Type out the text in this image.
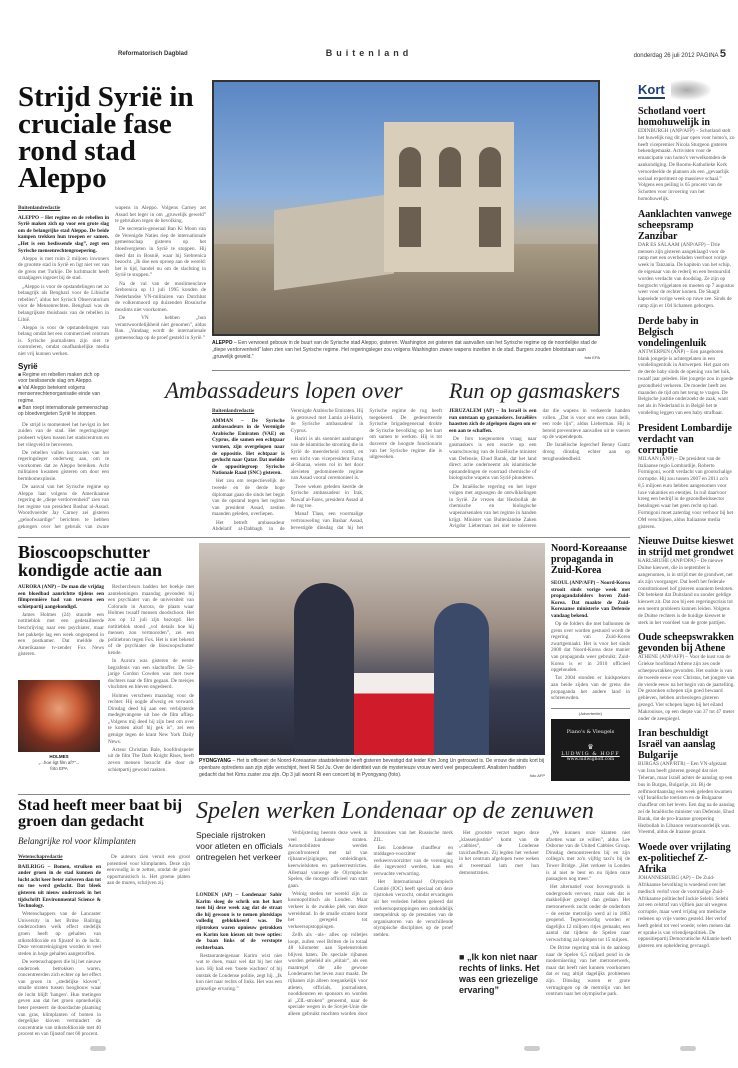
Reformatorisch Dagblad	Buitenland	donderdag 26 juli 2012 PAGINA 5
Strijd Syrië in cruciale fase rond stad Aleppo

Buitenlandredactie

ALEPPO – Het regime en de rebellen in Syrië maken zich op voor een grote slag om de belangrijke stad Aleppo. De beide kampen trekken hun troepen er samen. „Het is een beslissende slag”, zegt een Syrische mensenrechtengroepering.

Aleppo is met ruim 2 miljoen inwoners de grootste stad in Syrië en ligt niet ver van de grens met Turkije. De luchtmacht heeft straaljagers ingezet bij de stad.

„Aleppo is voor de opstandelingen net zo belangrijk als Benghazi voor de Libische rebellen”, aldus het Syrisch Observatorium voor de Mensenrechten. Benghazi was de belangrijkste thuisbasis van de rebellen in Libië.

Aleppo is voor de opstandelingen van belang omdat het een commercieel centrum is. Syrische journalisten zijn niet te controleren, omdat onafhankelijke media niet vrij kunnen werken.

Syrië
■ Regime en rebellen maken zich op voor beslissende slag om Aleppo.
■ Val Aleppo betekent volgens mensenrechtenorganisatie einde van regime.
■ Ban roept internationale gemeenschap op bloedvergieten Syrië te stoppen.

De strijd is momenteel het hevigst in het zuiden van de stad. Het regeringsleger probeert wijken tussen het stadscentrum en het vliegveld te heroveren.

De rebellen vallen konvooien van het regeringsleger onderweg aan, om te voorkomen dat ze Aleppo bereiken. Acht militairen kwamen gisteren om door een bermbomexplosie.

De aanval van het Syrische regime op Aleppo laat volgens de Amerikaanse regering de „diepe verdorvenheid” zien van het regime van president Bashar al-Assad. Woordvoerder Jay Carney zei gisteren „geloofwaardige” berichten te hebben gekregen over het gebruik van zware wapens in Aleppo. Volgens Carney zet Assad het leger in om „gruwelijk geweld” te gebruiken tegen de bevolking.

De secretaris-generaal Ban Ki Moon van de Verenigde Naties riep de internationale gemeenschap gisteren op het bloedvergieten in Syrië te stoppen. Hij deed dat in Bosnië, waar hij Srebrenica bezocht. „Ik doe een oproep aan de wereld: het is tijd, handel nu om de slachting in Syrië te stoppen.”

Na de val van de moslimenclave Srebrenica op 11 juli 1995 konden de Nederlandse VN-militairen van Dutchbat de volkenmoord op duizenden Bosnische moslims niet voorkomen.

De VN hebben „hun verantwoordelijkheid niet genomen”, aldus Ban. „Vandaag wordt de internationale gemeenschap op de proef gesteld in Syrië.”

ALEPPO – Een verwoest gebouw in de buurt van de Syrische stad Aleppo, gisteren. Washington zei gisteren dat aanvallen van het Syrische regime op de noordelijke stad de „diepe verdorvenheid” laten zien van het Syrische regime. Het regeringsleger zou volgens Washington zware wapens inzetten in de stad. Burgers zouden blootstaan aan „gruwelijk geweld.”	foto EPA
Ambassadeurs lopen over

Buitenlandredactie

AMMAN – De Syrische ambassadeurs in de Verenigde Arabische Emiraten (VAE) en Cyprus, die samen een echtpaar vormen, zijn overgelopen naar de oppositie. Het echtpaar is gevlucht naar Qatar. Dat meldde de oppositiegroep Syrische Nationale Raad (SNC) gisteren.

Het zou om respectievelijk de tweede en de derde hoge diplomaat gaan die sinds het begin van de opstand tegen het regime van president Assad, zestien maanden geleden, overliepen.

Het betreft ambassadeur Abdelatif al-Dabbagh in de Verenigde Arabische Emiraten. Hij is getrouwd met Lamia al-Hariri, de Syrische ambassadeur in Cyprus.

Hariri is als soenniet aanhanger van de islamitische stroming die in Syrië de meerderheid vormt, en een nicht van vicepresident Faruq al-Sharaa, wiens rol in het door alevieten gedomineerde regime van Assad vooral ceremonieel is.

Twee weken geleden keerde de Syrische ambassadeur in Irak, Nawaf al-Fares, president Assad al de rug toe.

Manaf Tlass, een voormalige vertrouweling van Bashar Assad, bevestigde dinsdag dat hij het Syrische regime de rug heeft toegekeerd. De gedeserteerde Syrische brigadegeneraal drukte de Syrische bevolking op het hart om samen te werken. Hij is tot dusverre de hoogste functionaris van het Syrische regime die is uitgeweken.

Run op gasmaskers

JERUZALEM (AP) – In Israël is een run ontstaan op gasmaskers. Israëliërs haastten zich de afgelopen dagen om er een aan te schaffen.

De fors toegenomen vraag naar gasmaskers is een reactie op een waarschuwing van de Israëlische minister van Defensie, Ehud Barak, dat het land direct actie onderneemt als islamitische opstandelingen de voorraad chemische of biologische wapens van Syrië plunderen.

De Israëlische regering en het leger volgen met argusogen de ontwikkelingen in Syrië. Ze vrezen dat Hezbollah de chemische en biologische wapenarsenalen van het regime in handen krijgt. Minister van Buitenlandse Zaken Avigdor Lieberman zei niet te tolereren dat die wapens in verkeerde handen vallen. „Dat is voor ons een casus belli, een rode lijn”, aldus Lieberman. Hij is bereid preventieve aanvallen uit te voeren op de wapendepots.

De Israëlische legerchef Benny Gantz drong dinsdag echter aan op terughoudendheid.

Bioscoopschutter kondigde actie aan

AURORA (ANP) – De man die vrijdag een bloedbad aanrichtte tijdens een filmpremière had van tevoren een schietpartij aangekondigd.

James Holmes (24) stuurde een notitieblok met een gedetailleerde beschrijving naar een psychiater, maar het pakketje lag een week ongeopend in een postkamer. Dat meldde de Amerikaanse tv-zender Fox News gisteren.

HOLMES
„...hoe ligt film af?”...
foto EPA

Rechercheurs hadden het boekje met aantekeningen maandag gevonden bij een psychiater van de universiteit van Colorado in Aurora, de plaats waar Holmes twaalf mensen doodschoot. Het zou op 12 juli zijn bezorgd. Het notitieblok stond „vol details hoe hij mensen zou vermoorden”, zei een politiebron tegen Fox. Het is niet bekend of de psychiater de bioscoopschutter kende.

In Aurora was gisteren de eerste begrafenis van een slachtoffer. De 51-jarige Gordon Cowden was met twee dochters naar de film gegaan. De meisjes vluchtten en bleven ongedeerd.

Holmes verscheen maandag voor de rechter. Hij oogde afwezig en verward. Dinsdag deed hij aan een verbijsterde medegevangene uit hoe de film afliep. „Volgens mij deed hij zijn best om over te komen alsof hij gek is”, zei een getuige tegen de krant New York Daily News.

Acteur Christian Bale, hoofdrolspeler uit de film The Dark Knight Rises, heeft zeven mensen bezocht die door de schietpartij gewond raakten.

PYONGYANG – Het is officieel: de Noord-Koreaanse staatstelevisie heeft gisteren bevestigd dat leider Kim Jong Un getrouwd is. De vrouw die sinds kort bij openbare optredens aan zijn zijde verschijnt, heet Ri Sol Ju. Over de identiteit van de mysterieuze vrouw werd veel gespeculeerd. Analisten hadden gedacht dat het Kims zuster zou zijn. Op 3 juli woont Ri een concert bij in Pyongyang (foto).	foto AFP
Noord-Koreaanse propaganda in Zuid-Korea

SEOUL (ANP/AFP) – Noord-Korea strooit sinds vorige week met propagandafolders boven Zuid-Korea. Dat maakte de Zuid-Koreaanse ministerie van Defensie vandaag bekend.

Op de folders die met ballonnen de grens over worden gestuurd wordt de regering van Zuid-Korea zwartgemaakt. Het is voor het sinds 2000 dat Noord-Korea deze manier van propaganda weer gebruikt. Zuid-Korea is er in 2010 officieel opgehouden.

Tot 2004 stonden er luidsprekers aan beide zijden van de grens die propaganda het andere land in schreeuwden.

(Advertentie)
Piano's & Vleugels
♛
LUDWIG & HOFF
www.ludwighoff.com
Stad heeft meer baat bij groen dan gedacht
Belangrijke rol voor klimplanten

Wetenschapredactie

BAILRIGG – Bomen, struiken en ander groen in de stad kunnen de lucht acht keer beter zuiveren dan tot nu toe werd gedacht. Dat bleek gisteren uit nieuw onderzoek in het tijdschrift Environmental Science & Technology.

Wetenschappers van de Lancaster University in het Britse Bailrigg onderzochten welk effect stedelijk groen heeft op gehalten van stikstofdioxide en fijnstof in de lucht. Deze verontreinigingen worden in veel steden in hoge gehalten aangetroffen.

De wetenschappers die bij het nieuwe onderzoek betrokken waren, concentreerden zich echter op het effect van groen in „stedelijke kloven”, smalle straten tussen hoogbouw waar de lucht blijft 'hangen'. Hun metingen geven aan dat het groen opmerkelijk beter presteert: de doordachte plaatsing van gras, klimplanten of bomen in dergelijke kloven vermindert de concentratie van stikstofdioxide met 40 procent en van fijnstof met 60 procent.

De auteurs zien veruit een groot potentieel voor klimplanten. Deze zijn eenvoudig in te zetten, omdat de groei opportunistisch is. Het groene platen aan de muren, schrijven zij.

Spelen werken Londenaar op de zenuwen
Speciale rijstroken voor atleten en officials ontregelen het verkeer

LONDEN (AP) – Londenaar Sabir Karim sloeg de schrik om het hart toen hij deze week zag dat de straat die hij gewoon is te nemen plotsklaps volledig geblokkeerd was. De rijstroken waren opnieuw getrokken en Karim kon kiezen uit twee opties: de baan links of de verstopte rechterbaan.

Restauranteigenaar Karim wist niet wat te doen, maar wel dat hij het niet kon. Hij had een ‘boete wachten’ of hij ontstak de Londense politie, zegt hij. „Ik kon niet naar rechts of links. Het was een griezelige ervaring.”

Verbijstering heerste deze week in veel Londense straten. Automobilisten werden geconfronteerd met tal van rijbaanwijzigingen, omleidingen, keerwielsloten en parkeerrestricties. Allemaal vanwege de Olympische Spelen, die morgen officieel van start gaan.

Weinig steden ter wereld zijn zo kosmopolitisch als Londen. Maar verkeer is de zwakke plek van deze wereldstad. In de smalle straten komt het geregeld tot verkeersopstoppingen.

Zelfs als –als– alles op rolletjes loopt, zullen veel Britten de in totaal 48 kilometer aan Spelenstroken blijven haten. De speciale rijbanen worden geheleld als „elitair”, als een maatregel die alle gewone Londenaren het leven zuur maakt. De rijbanen zijn alleen toegankelijk voor atleten, officials, journalisten, nooddiensten en sponsors en worden al „ZIL-stroken” genoemd, naar de speciale wegen in de Sovjet-Unie die alleen gebruikt mochten worden door limousines van het Russische merk ZIL.

Een Londense chauffeur en middagen-voorzitter der verkeersvoorzitter van de vereniging die ingevoerd werden, kan een verwachte verwarring.

Het Internationaal Olympisch Comité (IOC) heeft speciaal om deze rijstroken verzocht, omdat ervaringen uit het verleden hebben geleerd dat verkeersopstoppingen een onduidelijk stempeldruk op de prestaties van de organisatoren van de verschillende olympische disciplines op de proef stelden.

Het grootste verzet tegen deze „klassenjustitie” komt van de „cabbies”, de Londense taxichauffeurs. Zij legden het verkeer in het centrum afgelopen twee weken al tweemaal lam met hun demonstraties.

■ „Ik kon niet naar rechts of links. Het was een griezelige ervaring”

„We kunnen onze klanten niet afzetten waar ze willen”, aldus Lee Osborne van de United Cabbies Group. Dinsdag demonstreerden bij en zijn collega's met zo'n vijftig taxi's bij de Tower Bridge. „Het verkeer in Londen is al niet te best en nu lijden onze passagiers nog meer.”

Het alternatief voor bovengronds is ondergronds vervoer, maar ook dat is makkelijker gezegd dan gedaan. Het metronetwerk zucht onder de onderdom – de eerste metrolijn werd al in 1863 geopend. Tegenwoordig worden er dagelijks 12 miljoen ritjes gemaakt, een aantal dat tijdens de Spelen naar verwachting zal oplopen tot 15 miljoen.

De Britse regering stak in de aanloop naar de Spelen 6,5 miljard pond in de modernisering van het metronetwerk, maar dat heeft niet kunnen voorkomen dat er nog altijd dagelijks problemen zijn. Dinsdag waren er grote vertragingen op de metrolijn van het centrum naar het olympische park.

Kort
Schotland voert homohuwelijk in
EDINBURGH (ANP/AFP) – Schotland stelt het huwelijk nog dit jaar open voor homo's, zo heeft vicepremier Nicola Sturgeon gisteren bekendgemaakt. Activisten voor de emancipatie van homo's verwelkomden de aankondiging. De Rooms-Katholieke Kerk veroordeelde de plannen als een „gevaarlijk sociaal experiment op massieve schaal.” Volgens een peiling is 65 procent van de Schotten voor invoering van het homohuwelijk.
Aanklachten vanwege scheepsramp Zanzibar
DAR ES SALAAM (ANP/AFP) – Drie mensen zijn gisteren aangeklaagd voor de ramp met een overbeladen veerboot vorige week in Tanzania. De kapitein van het schip, de eigenaar van de rederij en een bestuurslid worden verdacht van doodslag. Ze zijn op borgtocht vrijgelaten en moeten op 7 augustus weer voor de rechter komen. De Skagit kapseisde vorige week op ruwe zee. Sinds de ramp zijn er 104 lichamen geborgen.
Derde baby in Belgisch vondelingenluik
ANTWERPEN (ANP) – Een pasgeboren blank jongetje is achtergelaten in een vondelingenluik in Antwerpen. Het gaat om de derde baby sinds de opening van het luik, twaalf jaar geleden. Het jongetje zou in goede gezondheid verkeren. De moeder heeft zes maanden de tijd om het terug te vragen. De Belgische justitie onderzoekt de zaak, want net als in Nederland is in België het te vondeling leggen van een baby strafbaar.
President Lombardije verdacht van corruptie
MILAAN (ANP) – De president van de Italiaanse regio Lombardije, Roberto Formigoni, wordt verdacht van grootschalige corruptie. Hij zou tussen 2007 en 2011 zo'n 8,5 miljoen euro hebben aangenomen voor luxe vakanties en etentjes. In ruil daarvoor kreeg een bedrijf in de gezondheidssector betalingen waar het geen recht op had. Formigoni moet zaterdag voor verhoor bij het OM verschijnen, aldus Italiaanse media gisteren.
Nieuwe Duitse kieswet in strijd met grondwet
KARLSRUHE (ANP/DPA) – De nieuwe Duitse kieswet, die in september is aangenomen, is in strijd met de grondwet, net als zijn voorganger. Dat heeft het federale constitutioneel hof gisteren unaniem besloten. Dit betekent dat Duitsland nu zonder geldige kieswet zit. Dat zou bij een regeringscrisis tot een neemt probleem kunnen leiden. Volgens de Duitse rechters is de huidige kieswet te sterk in het voordeel van de grote partijen.
Oude scheepswrakken gevonden bij Athene
ATHENE (ANP/AFP) – Voor de kust van de Griekse hoofdstad Athene zijn zes oude scheepswrakken gevonden. Het oudste is van de tweede eeuw voor Christus, het jongste van de vierde eeuw na het begin van de jaartelling. De gezonken schepen zijn goed bewaard gebleven, hebben archeologen gisteren gezegd. Vier schepen lagen bij het eiland Makronisos, op een diepte van 37 tot 47 meter onder de zeespiegel.
Iran beschuldigt Israël van aanslag Bulgarije
BURGAS (ANP/RTR) – Een VN-afgezant van Iran heeft gisteren gezegd dat niet Teheran, maar Israël achter de aanslag op een bus in Burgas, Bulgarije, zit. Bij de zelfmoordaanslag een week geleden kwamen vijf Israëlische toeristen en de Bulgaarse chauffeur om het leven. Een dag na de aanslag zei de Israëlische minister van Defensie, Ehud Barak, dat de pro-Iraanse groepering Hezbollah in Libanon verantwoordelijk was. Vreemd, aldus de Iraanse gezant.
Woede over vrijlating ex-politiechef Z-Afrika
JOHANNESBURG (AP) – De Zuid-Afrikaanse bevolking is woedend over het medisch verlof voor de voormalige Zuid-Afrikaanse politiechef Jackie Selebi. Selebi zat een celstraf van vijftien jaar uit wegens corruptie, maar werd vrijdag om medische redenen op vrije voeten gesteld. Het verlof heeft geleid tot veel woede; velen menen dat er sprake is van vriendjespolitiek. De oppositiepartij Democratische Alliantie heeft gisteren om opheldering gevraagd.
